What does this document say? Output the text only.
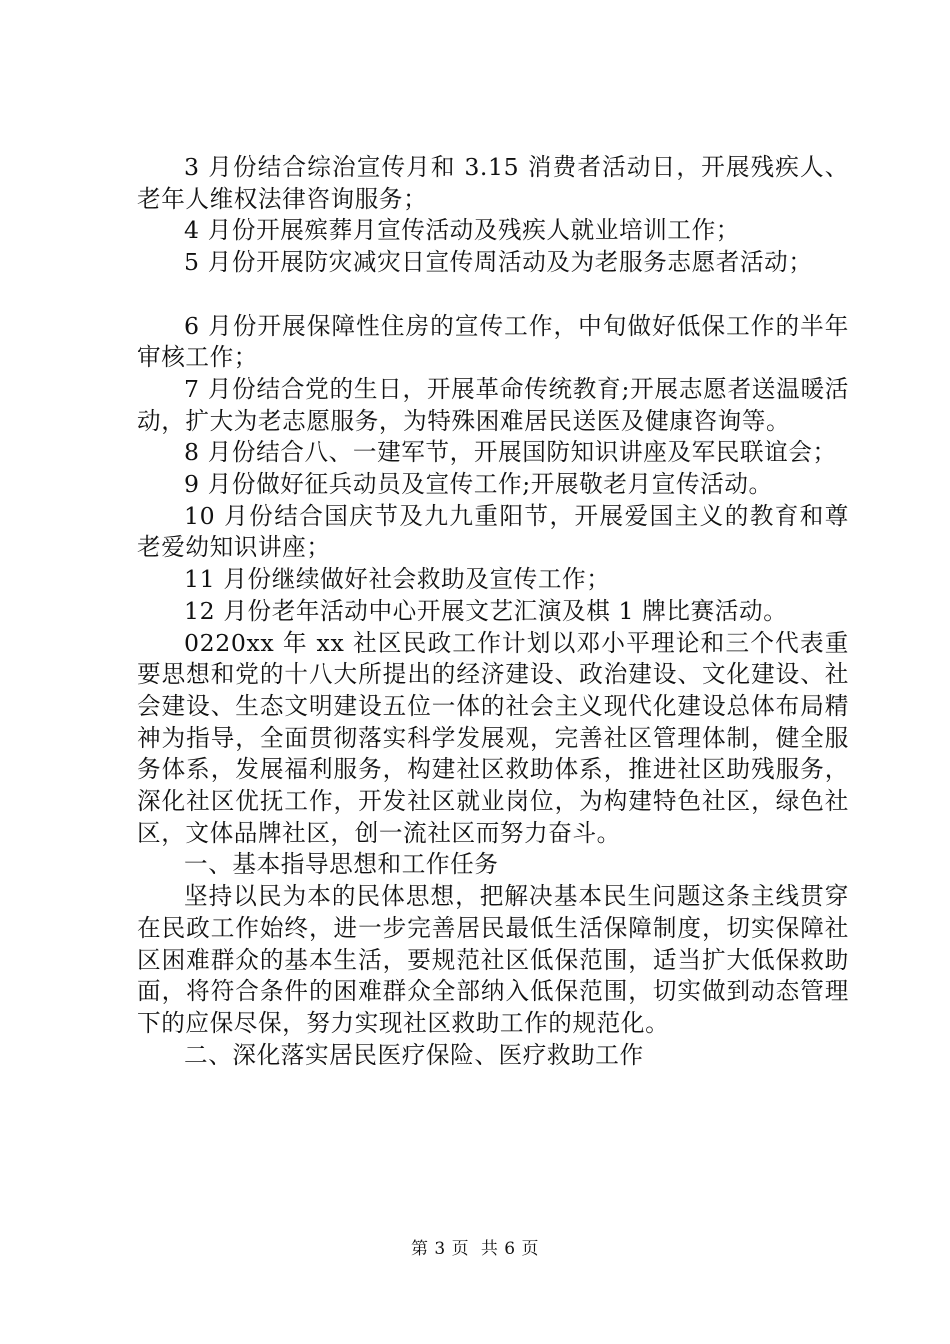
3 月份结合综治宣传月和 3.15 消费者活动日，开展残疾人、老年人维权法律咨询服务；

4 月份开展殡葬月宣传活动及残疾人就业培训工作；

5 月份开展防灾减灾日宣传周活动及为老服务志愿者活动；

6 月份开展保障性住房的宣传工作，中旬做好低保工作的半年审核工作；

7 月份结合党的生日，开展革命传统教育;开展志愿者送温暖活动，扩大为老志愿服务，为特殊困难居民送医及健康咨询等。

8 月份结合八、一建军节，开展国防知识讲座及军民联谊会；

9 月份做好征兵动员及宣传工作;开展敬老月宣传活动。

10 月份结合国庆节及九九重阳节，开展爱国主义的教育和尊老爱幼知识讲座；

11 月份继续做好社会救助及宣传工作；

12 月份老年活动中心开展文艺汇演及棋 1 牌比赛活动。

0220xx 年 xx 社区民政工作计划以邓小平理论和三个代表重要思想和党的十八大所提出的经济建设、政治建设、文化建设、社会建设、生态文明建设五位一体的社会主义现代化建设总体布局精神为指导，全面贯彻落实科学发展观，完善社区管理体制，健全服务体系，发展福利服务，构建社区救助体系，推进社区助残服务，深化社区优抚工作，开发社区就业岗位，为构建特色社区，绿色社区，文体品牌社区，创一流社区而努力奋斗。

一、基本指导思想和工作任务

坚持以民为本的民体思想，把解决基本民生问题这条主线贯穿在民政工作始终，进一步完善居民最低生活保障制度，切实保障社区困难群众的基本生活，要规范社区低保范围，适当扩大低保救助面，将符合条件的困难群众全部纳入低保范围，切实做到动态管理下的应保尽保，努力实现社区救助工作的规范化。

二、深化落实居民医疗保险、医疗救助工作

第 3 页 共 6 页
